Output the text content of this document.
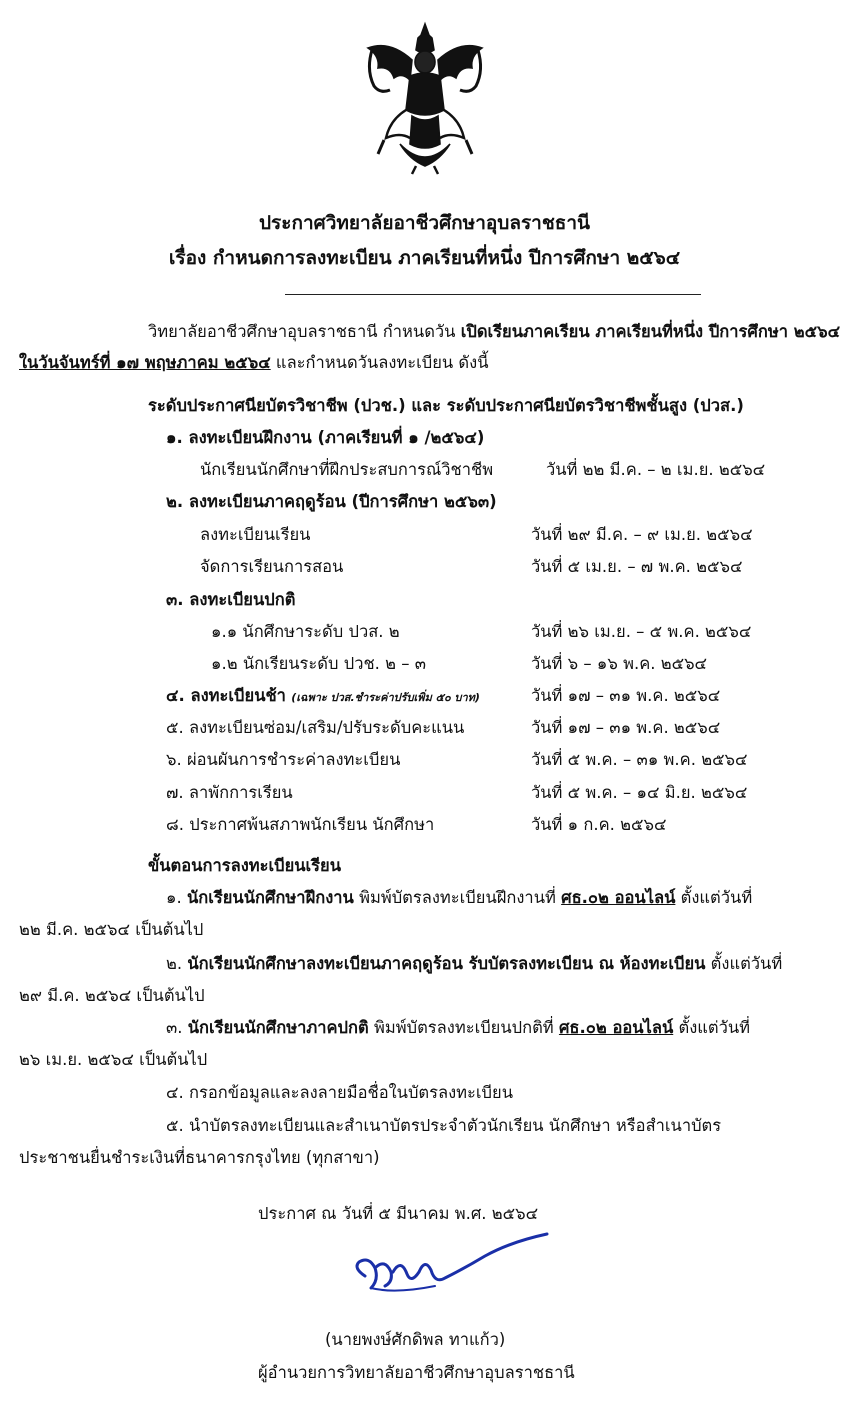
ประกาศวิทยาลัยอาชีวศึกษาอุบลราชธานี
เรื่อง กำหนดการลงทะเบียน ภาคเรียนที่หนึ่ง ปีการศึกษา ๒๕๖๔
วิทยาลัยอาชีวศึกษาอุบลราชธานี กำหนดวัน เปิดเรียนภาคเรียน ภาคเรียนที่หนึ่ง ปีการศึกษา ๒๕๖๔
ในวันจันทร์ที่ ๑๗ พฤษภาคม ๒๕๖๔ และกำหนดวันลงทะเบียน ดังนี้
ระดับประกาศนียบัตรวิชาชีพ (ปวช.) และ ระดับประกาศนียบัตรวิชาชีพชั้นสูง (ปวส.)
๑. ลงทะเบียนฝึกงาน (ภาคเรียนที่ ๑ /๒๕๖๔)
นักเรียนนักศึกษาที่ฝึกประสบการณ์วิชาชีพ	วันที่ ๒๒ มี.ค. – ๒ เม.ย. ๒๕๖๔
๒. ลงทะเบียนภาคฤดูร้อน (ปีการศึกษา ๒๕๖๓)
ลงทะเบียนเรียน	วันที่ ๒๙ มี.ค. – ๙ เม.ย. ๒๕๖๔
จัดการเรียนการสอน	วันที่ ๕ เม.ย. – ๗ พ.ค. ๒๕๖๔
๓. ลงทะเบียนปกติ
๑.๑ นักศึกษาระดับ ปวส. ๒	วันที่ ๒๖ เม.ย. – ๕ พ.ค. ๒๕๖๔
๑.๒ นักเรียนระดับ ปวช. ๒ – ๓	วันที่ ๖ – ๑๖ พ.ค. ๒๕๖๔
๔. ลงทะเบียนช้า (เฉพาะ ปวส.ชำระค่าปรับเพิ่ม ๕๐ บาท)	วันที่ ๑๗ – ๓๑ พ.ค. ๒๕๖๔
๕. ลงทะเบียนซ่อม/เสริม/ปรับระดับคะแนน	วันที่ ๑๗ – ๓๑ พ.ค. ๒๕๖๔
๖. ผ่อนผันการชำระค่าลงทะเบียน	วันที่ ๕ พ.ค. – ๓๑ พ.ค. ๒๕๖๔
๗. ลาพักการเรียน	วันที่ ๕ พ.ค. – ๑๔ มิ.ย. ๒๕๖๔
๘. ประกาศพ้นสภาพนักเรียน นักศึกษา	วันที่ ๑ ก.ค. ๒๕๖๔
ขั้นตอนการลงทะเบียนเรียน
๑. นักเรียนนักศึกษาฝึกงาน พิมพ์บัตรลงทะเบียนฝึกงานที่ ศธ.๐๒ ออนไลน์ ตั้งแต่วันที่
๒๒ มี.ค. ๒๕๖๔ เป็นต้นไป
๒. นักเรียนนักศึกษาลงทะเบียนภาคฤดูร้อน รับบัตรลงทะเบียน ณ ห้องทะเบียน ตั้งแต่วันที่
๒๙ มี.ค. ๒๕๖๔ เป็นต้นไป
๓. นักเรียนนักศึกษาภาคปกติ พิมพ์บัตรลงทะเบียนปกติที่ ศธ.๐๒ ออนไลน์ ตั้งแต่วันที่
๒๖ เม.ย. ๒๕๖๔ เป็นต้นไป
๔. กรอกข้อมูลและลงลายมือชื่อในบัตรลงทะเบียน
๕. นำบัตรลงทะเบียนและสำเนาบัตรประจำตัวนักเรียน นักศึกษา หรือสำเนาบัตร
ประชาชนยื่นชำระเงินที่ธนาคารกรุงไทย (ทุกสาขา)
ประกาศ ณ วันที่ ๕ มีนาคม พ.ศ. ๒๕๖๔
(นายพงษ์ศักดิพล ทาแก้ว)
ผู้อำนวยการวิทยาลัยอาชีวศึกษาอุบลราชธานี
